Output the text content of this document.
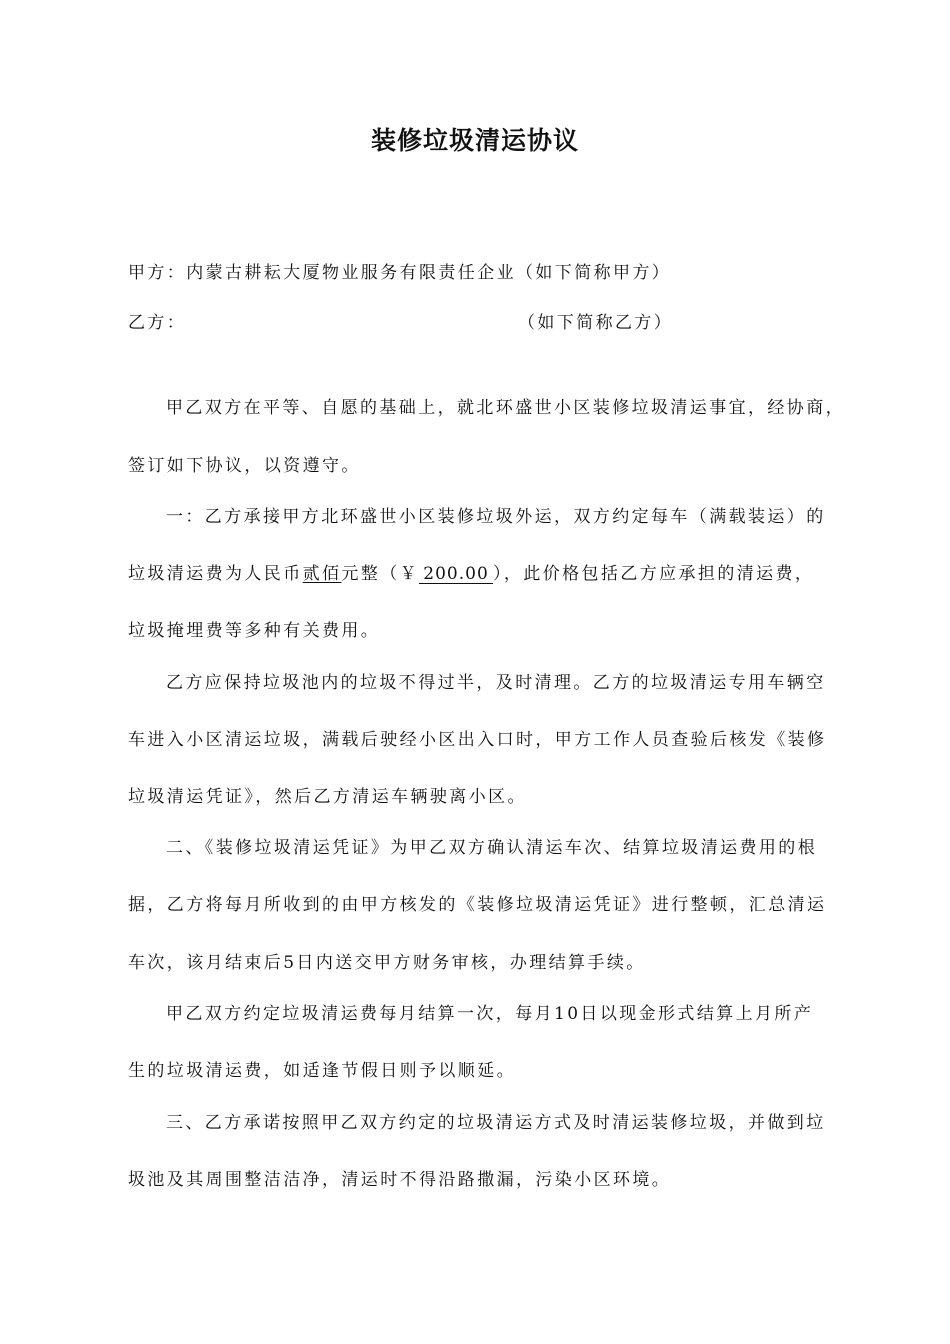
装修垃圾清运协议
甲方：内蒙古耕耘大厦物业服务有限责任企业（如下简称甲方）
乙方：	（如下简称乙方）
甲乙双方在平等、自愿的基础上，就北环盛世小区装修垃圾清运事宜，经协商，
签订如下协议，以资遵守。
一：乙方承接甲方北环盛世小区装修垃圾外运，双方约定每车（满载装运）的
垃圾清运费为人民币贰佰元整（￥ 200.00 ），此价格包括乙方应承担的清运费，
垃圾掩埋费等多种有关费用。
乙方应保持垃圾池内的垃圾不得过半，及时清理。乙方的垃圾清运专用车辆空
车进入小区清运垃圾，满载后驶经小区出入口时，甲方工作人员查验后核发《装修
垃圾清运凭证》，然后乙方清运车辆驶离小区。
二、《装修垃圾清运凭证》为甲乙双方确认清运车次、结算垃圾清运费用的根
据，乙方将每月所收到的由甲方核发的《装修垃圾清运凭证》进行整顿，汇总清运
车次，该月结束后5日内送交甲方财务审核，办理结算手续。
甲乙双方约定垃圾清运费每月结算一次，每月10日以现金形式结算上月所产
生的垃圾清运费，如适逢节假日则予以顺延。
三、乙方承诺按照甲乙双方约定的垃圾清运方式及时清运装修垃圾，并做到垃
圾池及其周围整洁洁净，清运时不得沿路撒漏，污染小区环境。
